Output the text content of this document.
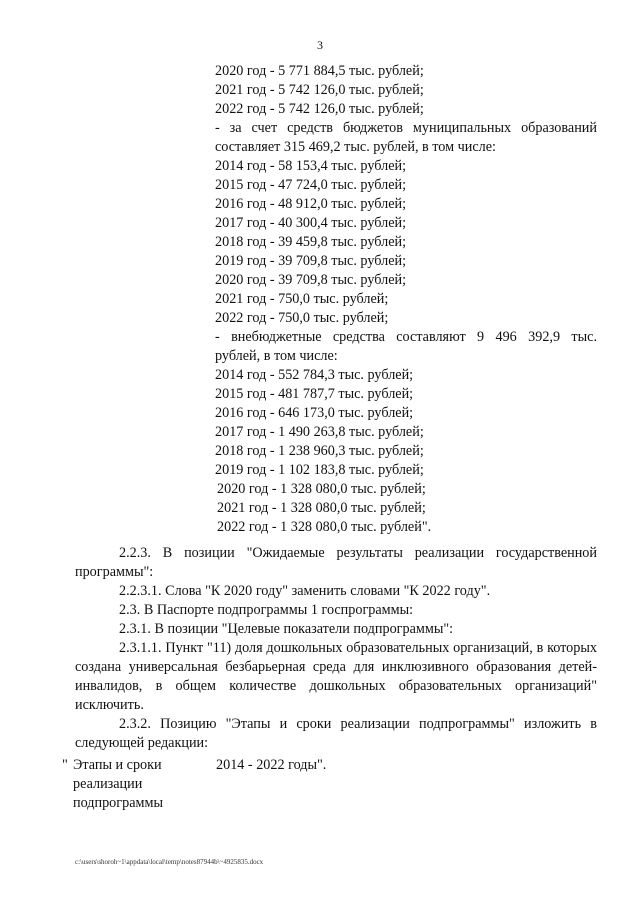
3
2020 год - 5 771 884,5 тыс. рублей;
2021 год - 5 742 126,0 тыс. рублей;
2022 год - 5 742 126,0 тыс. рублей;
- за счет средств бюджетов муниципальных образований
составляет 315 469,2 тыс. рублей, в том числе:
2014 год - 58 153,4 тыс. рублей;
2015 год - 47 724,0 тыс. рублей;
2016 год - 48 912,0 тыс. рублей;
2017 год - 40 300,4 тыс. рублей;
2018 год - 39 459,8 тыс. рублей;
2019 год - 39 709,8 тыс. рублей;
2020 год - 39 709,8 тыс. рублей;
2021 год - 750,0 тыс. рублей;
2022 год - 750,0 тыс. рублей;
- внебюджетные средства составляют 9 496 392,9 тыс.
рублей, в том числе:
2014 год - 552 784,3 тыс. рублей;
2015 год - 481 787,7 тыс. рублей;
2016 год - 646 173,0 тыс. рублей;
2017 год - 1 490 263,8 тыс. рублей;
2018 год - 1 238 960,3 тыс. рублей;
2019 год - 1 102 183,8 тыс. рублей;
2020 год - 1 328 080,0 тыс. рублей;
2021 год - 1 328 080,0 тыс. рублей;
2022 год - 1 328 080,0 тыс. рублей".
2.2.3. В позиции "Ожидаемые результаты реализации государственной программы":
2.2.3.1. Слова "К 2020 году" заменить словами "К 2022 году".
2.3. В Паспорте подпрограммы 1 госпрограммы:
2.3.1. В позиции "Целевые показатели подпрограммы":
2.3.1.1. Пункт "11) доля дошкольных образовательных организаций, в которых создана универсальная безбарьерная среда для инклюзивного образования детей-инвалидов, в общем количестве дошкольных образовательных организаций" исключить.
2.3.2. Позицию "Этапы и сроки реализации подпрограммы" изложить в следующей редакции:
" Этапы и сроки реализации подпрограммы
2014 - 2022 годы".
c:\users\shoroh~1\appdata\local\temp\notes87944b\~4925835.docx
